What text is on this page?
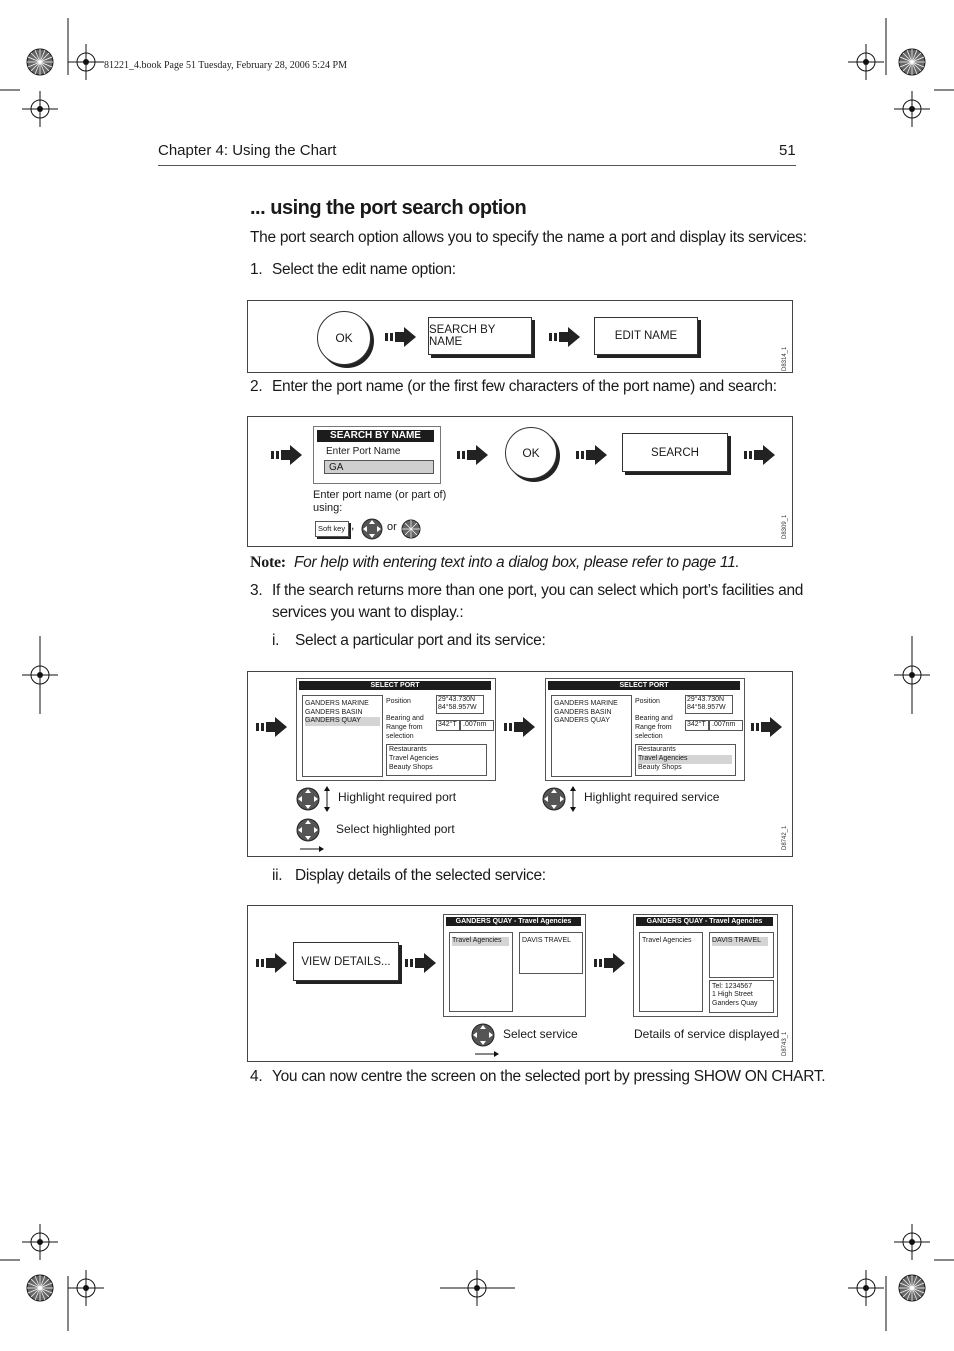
81221_4.book Page 51 Tuesday, February 28, 2006 5:24 PM
Chapter 4: Using the Chart	51
... using the port search option
The port search option allows you to specify the name a port and display its services:
1. Select the edit name option:
OK
SEARCH BY NAME	EDIT NAME
D8314_1
2. Enter the port name (or the first few characters of the port name) and search:
SEARCH BY NAME
Enter Port Name
GA
OK	SEARCH
Enter port name (or part of)
using:
Soft key ,	or	D8309_1
Note: For help with entering text into a dialog box, please refer to page 11.
3. If the search returns more than one port, you can select which port’s facilities and
services you want to display.:
i. Select a particular port and its service:
SELECT PORT
GANDERS MARINE
GANDERS BASIN
GANDERS QUAY
Position	29°43.730N
84°58.957W
Bearing and
Range from
selection
342°T .007nm
Restaurants
Travel Agencies
Beauty Shops
SELECT PORT
GANDERS MARINE
GANDERS BASIN
GANDERS QUAY
Position	29°43.730N
84°58.957W
Bearing and
Range from
selection
342°T .007nm
Restaurants
Travel Agencies
Beauty Shops
Highlight required port
Select highlighted port
Highlight required service
D8742_1
ii. Display details of the selected service:
VIEW DETAILS...
GANDERS QUAY - Travel Agencies
Travel Agencies	DAVIS TRAVEL
GANDERS QUAY - Travel Agencies
Travel Agencies	DAVIS TRAVEL
Tel: 1234567
1 High Street
Ganders Quay
Select service	Details of service displayed D8743_1
4. You can now centre the screen on the selected port by pressing SHOW ON CHART.
